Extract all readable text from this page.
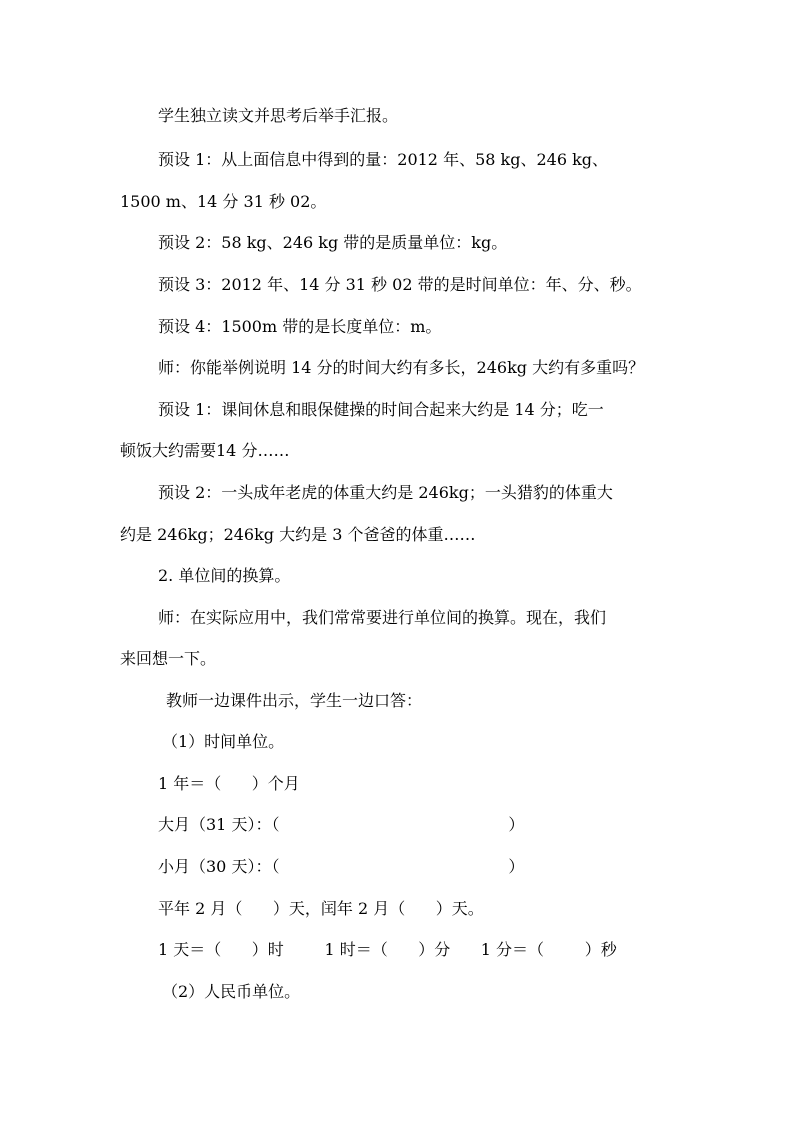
学生独立读文并思考后举手汇报。
预设 1：从上面信息中得到的量：2012 年、58 kg、246 kg、
1500 m、14 分 31 秒 02。
预设 2：58 kg、246 kg 带的是质量单位：kg。
预设 3：2012 年、14 分 31 秒 02 带的是时间单位：年、分、秒。
预设 4：1500m 带的是长度单位：m。
师：你能举例说明 14 分的时间大约有多长，246kg 大约有多重吗？
预设 1：课间休息和眼保健操的时间合起来大约是 14 分；吃一
顿饭大约需要14 分……
预设 2：一头成年老虎的体重大约是 246kg；一头猎豹的体重大
约是 246kg；246kg 大约是 3 个爸爸的体重……
2. 单位间的换算。
师：在实际应用中，我们常常要进行单位间的换算。现在，我们
来回想一下。
教师一边课件出示，学生一边口答：
（1）时间单位。
1 年＝（      ）个月
大月（31 天）：（                                             ）
小月（30 天）：（                                             ）
平年 2 月（      ）天，闰年 2 月（      ）天。
1 天＝（      ）时        1 时＝（      ）分      1 分＝（        ）秒
（2）人民币单位。
